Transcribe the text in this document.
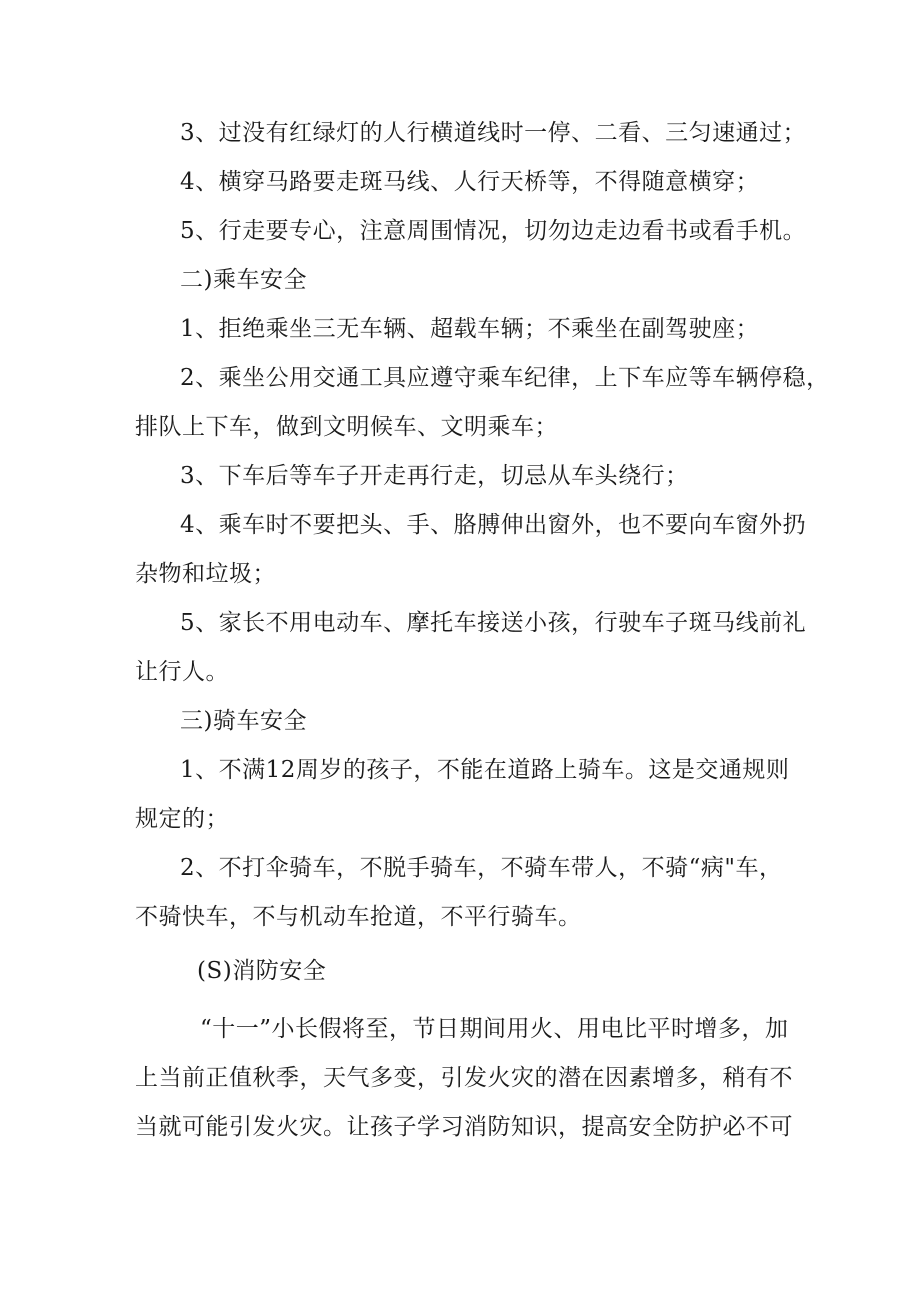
3、过没有红绿灯的人行横道线时一停、二看、三匀速通过；
4、横穿马路要走斑马线、人行天桥等，不得随意横穿；
5、行走要专心，注意周围情况，切勿边走边看书或看手机。
二)乘车安全
1、拒绝乘坐三无车辆、超载车辆；不乘坐在副驾驶座；
2、乘坐公用交通工具应遵守乘车纪律，上下车应等车辆停稳，
排队上下车，做到文明候车、文明乘车；
3、下车后等车子开走再行走，切忌从车头绕行；
4、乘车时不要把头、手、胳膊伸出窗外，也不要向车窗外扔
杂物和垃圾；
5、家长不用电动车、摩托车接送小孩，行驶车子斑马线前礼
让行人。
三)骑车安全
1、不满12周岁的孩子，不能在道路上骑车。这是交通规则
规定的；
2、不打伞骑车，不脱手骑车，不骑车带人，不骑“病"车，
不骑快车，不与机动车抢道，不平行骑车。
(S)消防安全
“十一”小长假将至，节日期间用火、用电比平时增多，加
上当前正值秋季，天气多变，引发火灾的潜在因素增多，稍有不
当就可能引发火灾。让孩子学习消防知识，提高安全防护必不可
